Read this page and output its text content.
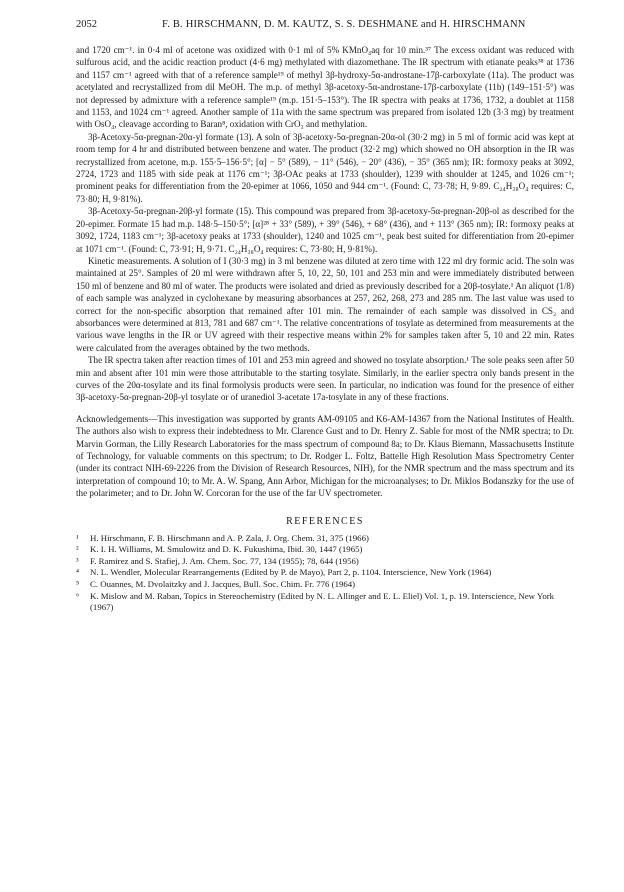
2052	F. B. HIRSCHMANN, D. M. KAUTZ, S. S. DESHMANE and H. HIRSCHMANN

and 1720 cm⁻¹. in 0·4 ml of acetone was oxidized with 0·1 ml of 5% KMnO₄aq for 10 min.³⁷ The excess oxidant was reduced with sulfurous acid, and the acidic reaction product (4·6 mg) methylated with diazomethane. The IR spectrum with etianate peaks³⁸ at 1736 and 1157 cm⁻¹ agreed with that of a reference sample¹⁹ of methyl 3β-hydroxy-5α-androstane-17β-carboxylate (11a). The product was acetylated and recrystallized from dil MeOH. The m.p. of methyl 3β-acetoxy-5α-androstane-17β-carboxylate (11b) (149–151·5°) was not depressed by admixture with a reference sample¹⁹ (m.p. 151·5–153°). The IR spectra with peaks at 1736, 1732, a doublet at 1158 and 1153, and 1024 cm⁻¹ agreed. Another sample of 11a with the same spectrum was prepared from isolated 12b (3·3 mg) by treatment with OsO₄, cleavage according to Baran⁸, oxidation with CrO₃ and methylation.

3β-Acetoxy-5α-pregnan-20α-yl formate (13). A soln of 3β-acetoxy-5α-pregnan-20α-ol (30·2 mg) in 5 ml of formic acid was kept at room temp for 4 hr and distributed between benzene and water. The product (32·2 mg) which showed no OH absorption in the IR was recrystallized from acetone, m.p. 155·5–156·5°; [α] − 5° (589), − 11° (546), − 20° (436), − 35° (365 nm); IR: formoxy peaks at 3092, 2724, 1723 and 1185 with side peak at 1176 cm⁻¹; 3β-OAc peaks at 1733 (shoulder), 1239 with shoulder at 1245, and 1026 cm⁻¹; prominent peaks for differentiation from the 20-epimer at 1066, 1050 and 944 cm⁻¹. (Found: C, 73·78; H, 9·89. C₂₄H₃₈O₄ requires: C, 73·80; H, 9·81%).

3β-Acetoxy-5α-pregnan-20β-yl formate (15). This compound was prepared from 3β-acetoxy-5α-pregnan-20β-ol as described for the 20-epimer. Formate 15 had m.p. 148·5–150·5°; [α]²⁸ + 33° (589), + 39° (546), + 68° (436), and + 113° (365 nm); IR: formoxy peaks at 3092, 1724, 1183 cm⁻¹; 3β-acetoxy peaks at 1733 (shoulder), 1240 and 1025 cm⁻¹, peak best suited for differentiation from 20-epimer at 1071 cm⁻¹. (Found: C, 73·91; H, 9·71. C₂₄H₃₈O₄ requires: C, 73·80; H, 9·81%).

Kinetic measurements. A solution of I (30·3 mg) in 3 ml benzene was diluted at zero time with 122 ml dry formic acid. The soln was maintained at 25°. Samples of 20 ml were withdrawn after 5, 10, 22, 50, 101 and 253 min and were immediately distributed between 150 ml of benzene and 80 ml of water. The products were isolated and dried as previously described for a 20β-tosylate.¹ An aliquot (1/8) of each sample was analyzed in cyclohexane by measuring absorbances at 257, 262, 268, 273 and 285 nm. The last value was used to correct for the non-specific absorption that remained after 101 min. The remainder of each sample was dissolved in CS₂ and absorbances were determined at 813, 781 and 687 cm⁻¹. The relative concentrations of tosylate as determined from measurements at the various wave lengths in the IR or UV agreed with their respective means within 2% for samples taken after 5, 10 and 22 min. Rates were calculated from the averages obtained by the two methods.

The IR spectra taken after reaction times of 101 and 253 min agreed and showed no tosylate absorption.¹ The sole peaks seen after 50 min and absent after 101 min were those attributable to the starting tosylate. Similarly, in the earlier spectra only bands present in the curves of the 20α-tosylate and its final formolysis products were seen. In particular, no indication was found for the presence of either 3β-acetoxy-5α-pregnan-20β-yl tosylate or of uranediol 3-acetate 17a-tosylate in any of these fractions.

Acknowledgements—This investigation was supported by grants AM-09105 and K6-AM-14367 from the National Institutes of Health. The authors also wish to express their indebtedness to Mr. Clarence Gust and to Dr. Henry Z. Sable for most of the NMR spectra; to Dr. Marvin Gorman, the Lilly Research Laboratories for the mass spectrum of compound 8a; to Dr. Klaus Biemann, Massachusetts Institute of Technology, for valuable comments on this spectrum; to Dr. Rodger L. Foltz, Battelle High Resolution Mass Spectrometry Center (under its contract NIH-69-2226 from the Division of Research Resources, NIH), for the NMR spectrum and the mass spectrum and its interpretation of compound 10; to Mr. A. W. Spang, Ann Arbor, Michigan for the microanalyses; to Dr. Miklos Bodanszky for the use of the polarimeter; and to Dr. John W. Corcoran for the use of the far UV spectrometer.

REFERENCES
¹	H. Hirschmann, F. B. Hirschmann and A. P. Zala, J. Org. Chem. 31, 375 (1966)
²	K. I. H. Williams, M. Smulowitz and D. K. Fukushima, Ibid. 30, 1447 (1965)
³	F. Ramirez and S. Stafiej, J. Am. Chem. Soc. 77, 134 (1955); 78, 644 (1956)
⁴	N. L. Wendler, Molecular Rearrangements (Edited by P. de Mayo), Part 2, p. 1104. Interscience, New York (1964)
⁵	C. Ouannes, M. Dvolaitzky and J. Jacques, Bull. Soc. Chim. Fr. 776 (1964)
⁶	K. Mislow and M. Raban, Topics in Stereochemistry (Edited by N. L. Allinger and E. L. Eliel) Vol. 1, p. 19. Interscience, New York (1967)
